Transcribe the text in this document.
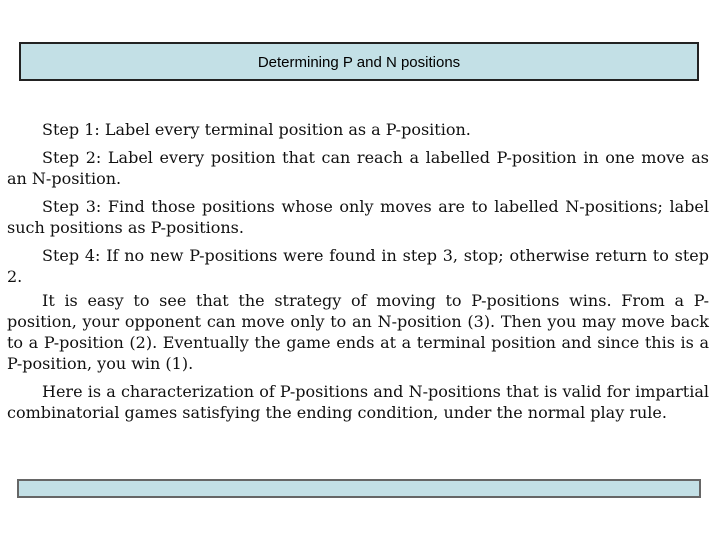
Determining P and N positions

Step 1: Label every terminal position as a P-position.

Step 2: Label every position that can reach a labelled P-position in one move as an N-position.

Step 3: Find those positions whose only moves are to labelled N-positions; label such positions as P-positions.

Step 4: If no new P-positions were found in step 3, stop; otherwise return to step 2.

It is easy to see that the strategy of moving to P-positions wins. From a P-position, your opponent can move only to an N-position (3). Then you may move back to a P-position (2). Eventually the game ends at a terminal position and since this is a P-position, you win (1).

Here is a characterization of P-positions and N-positions that is valid for impartial combinatorial games satisfying the ending condition, under the normal play rule.
